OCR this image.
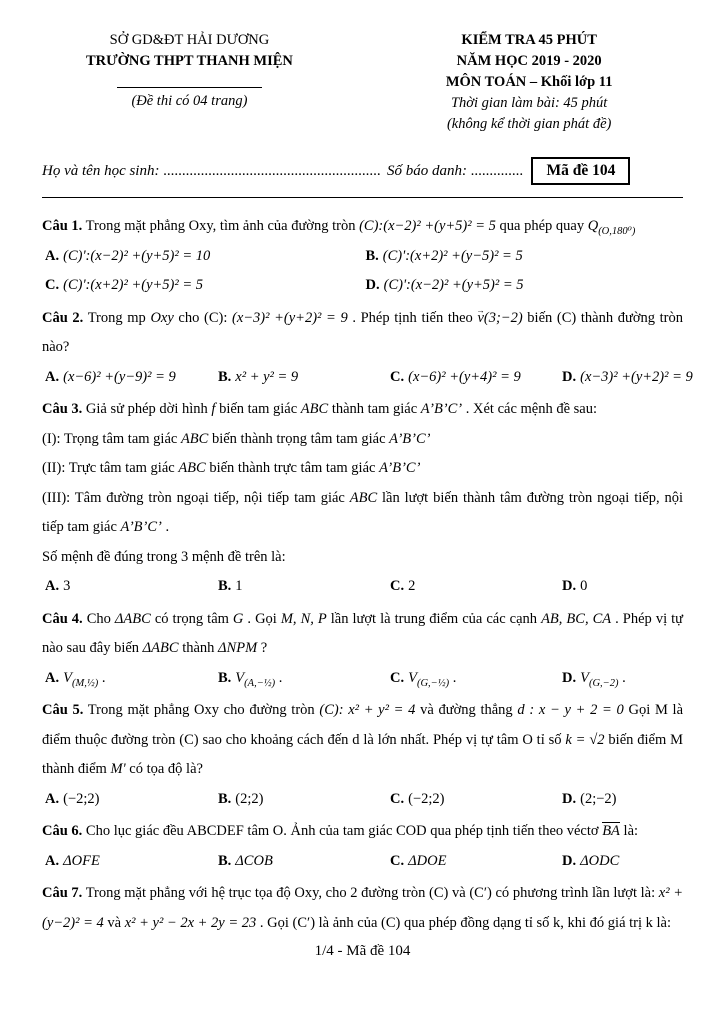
SỞ GD&ĐT HẢI DƯƠNG
TRƯỜNG THPT THANH MIỆN
(Đề thi có 04 trang)
KIỂM TRA 45 PHÚT
NĂM HỌC 2019 - 2020
MÔN TOÁN – Khối lớp 11
Thời gian làm bài: 45 phút
(không kể thời gian phát đề)
Họ và tên học sinh: .......................................................... Số báo danh: ..............	Mã đề 104

Câu 1. Trong mặt phẳng Oxy, tìm ảnh của đường tròn (C):(x−2)² +(y+5)² = 5 qua phép quay $Q_{(O,180^0)}$

A. (C)':(x−2)² +(y+5)² = 10	B. (C)':(x+2)² +(y−5)² = 5
C. (C)':(x+2)² +(y+5)² = 5	D. (C)':(x−2)² +(y+5)² = 5

Câu 2. Trong mp Oxy cho (C): (x−3)² +(y+2)² = 9 . Phép tịnh tiến theo v →(3;−2) biến (C) thành đường tròn nào?

A. (x−6)² +(y−9)² = 9	B. x² + y² = 9	C. (x−6)² +(y+4)² = 9	D. (x−3)² +(y+2)² = 9

Câu 3. Giả sử phép dời hình f biến tam giác ABC thành tam giác A’B’C’ . Xét các mệnh đề sau:

(I): Trọng tâm tam giác ABC biến thành trọng tâm tam giác A’B’C’

(II): Trực tâm tam giác ABC biến thành trực tâm tam giác A’B’C’

(III): Tâm đường tròn ngoại tiếp, nội tiếp tam giác ABC lần lượt biến thành tâm đường tròn ngoại tiếp, nội tiếp tam giác A’B’C’ .

Số mệnh đề đúng trong 3 mệnh đề trên là:

A. 3	B. 1	C. 2	D. 0

Câu 4. Cho ΔABC có trọng tâm G . Gọi M, N, P lần lượt là trung điểm của các cạnh AB, BC, CA . Phép vị tự nào sau đây biến ΔABC thành ΔNPM ?

A. $V_{(M,\frac{1}{2})}$ .	B. $V_{(A,-\frac{1}{2})}$ .	C. $V_{(G,-\frac{1}{2})}$ .	D. $V_{(G,-2)}$ .

Câu 5. Trong mặt phẳng Oxy cho đường tròn (C): x² + y² = 4 và đường thẳng d : x − y + 2 = 0 Gọi M là điểm thuộc đường tròn (C) sao cho khoảng cách đến d là lớn nhất. Phép vị tự tâm O tỉ số k = √2 biến điểm M thành điểm M' có tọa độ là?

A. (−2;2)	B. (2;2)	C. (−2;2)	D. (2;−2)

Câu 6. Cho lục giác đều ABCDEF tâm O. Ảnh của tam giác COD qua phép tịnh tiến theo véctơ BA là:

A. ΔOFE	B. ΔCOB	C. ΔDOE	D. ΔODC

Câu 7. Trong mặt phẳng với hệ trục tọa độ Oxy, cho 2 đường tròn (C) và (C′) có phương trình lần lượt là: x² +(y−2)² = 4 và x² + y² − 2x + 2y = 23 . Gọi (C′) là ảnh của (C) qua phép đồng dạng tỉ số k, khi đó giá trị k là:

1/4 - Mã đề 104
